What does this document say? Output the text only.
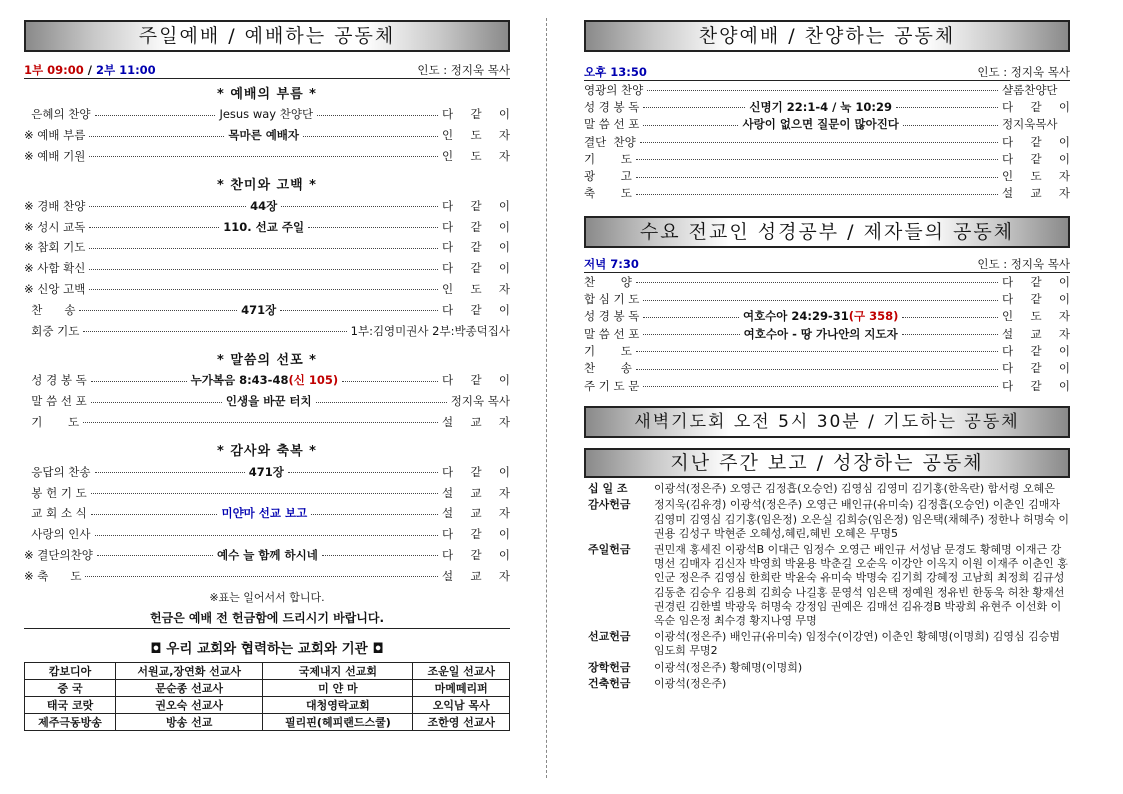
주일예배 / 예배하는 공동체
1부 09:00 / 2부 11:00	인도 : 정지욱 목사
* 예배의 부름 *
은혜의 찬양	Jesus way 찬양단	다 같 이
※ 예배 부름	목마른 예배자	인 도 자
※ 예배 기원	인 도 자
* 찬미와 고백 *
※ 경배 찬양	44장	다 같 이
※ 성시 교독	110. 선교 주일	다 같 이
※ 참회 기도	다 같 이
※ 사함 확신	다 같 이
※ 신앙 고백	인 도 자
찬      송	471장	다 같 이
회중 기도	1부:김영미권사 2부:박종덕집사
* 말씀의 선포 *
성 경 봉 독	누가복음 8:43-48 (신 105)	다 같 이
말 씀 선 포	인생을 바꾼 터치	정지욱 목사
기       도	설 교 자
* 감사와 축복 *
응답의 찬송	471장	다 같 이
봉 헌 기 도	설 교 자
교 회 소 식	미얀마 선교 보고	설 교 자
사랑의 인사	다 같 이
※ 결단의찬양	예수 늘 함께 하시네	다 같 이
※ 축      도	설 교 자
※표는 일어서서 합니다.
헌금은 예배 전 헌금함에 드리시기 바랍니다.
◘ 우리 교회와 협력하는 교회와 기관 ◘
캄보디아	서원교,장연화 선교사	국제내지 선교회	조운일 선교사
중 국	문순종 선교사	미 얀 마	마메떼리퍼
태국 코랏	권오숙 선교사	대청영락교회	오익남 목사
제주극동방송	방송 선교	필리핀(헤피랜드스쿨)	조한영 선교사
찬양예배 / 찬양하는 공동체
오후 13:50	인도 : 정지욱 목사
영광의 찬양	샬롬찬양단
성 경 봉 독	신명기 22:1-4 / 눅 10:29	다 같 이
말 씀 선 포	사랑이 없으면 질문이 많아진다	정지욱목사
결단  찬양	다 같 이
기       도	다 같 이
광       고	인 도 자
축       도	설 교 자
수요 전교인 성경공부 / 제자들의 공동체
저녁 7:30	인도 : 정지욱 목사
찬       양	다 같 이
합 심 기 도	다 같 이
성 경 봉 독	여호수아 24:29-31 (구 358)	인 도 자
말 씀 선 포	여호수아 - 땅 가나안의 지도자	설 교 자
기       도	다 같 이
찬       송	다 같 이
주 기 도 문	다 같 이
새벽기도회 오전 5시 30분 / 기도하는 공동체
지난 주간 보고 / 성장하는 공동체
십 일 조	이광석(정은주) 오영근 김정흡(오승언) 김영심 김영미 김기홍(한옥란) 함서령 오혜은
감사헌금	정지욱(김유경) 이광석(정은주) 오영근 배인규(유미숙) 김정흡(오승언) 이춘인 김매자 김영미 김영심 김기홍(임은정) 오은실 김희승(임은정) 임은택(채혜주) 정한나 허명숙 이권용 김성구 박현준 오혜성,혜린,혜빈 오혜은 무명5
주일헌금	권민재 홍세진 이광석B 이대근 임정수 오영근 배인규 서성남 문경도 황혜명 이재근 강명선 김매자 김신자 박영희 박윤용 박춘길 오순옥 이강안 이옥지 이원 이재주 이춘인 홍인군 정은주 김영심 한희란 박윤숙 유미숙 박명숙 김기희 강혜정 고남희 최정희 김규성 김동춘 김승우 김용희 김희승 나길홍 문영석 임은택 정예원 정유빈 한동욱 허찬 황재선 권경린 김한별 박광욱 허명숙 강정임 권예은 김매선 김유경B 박광희 유현주 이선화 이옥순 임은정 최수경 황지나영 무명
선교헌금	이광석(정은주) 배인규(유미숙) 임정수(이강연) 이춘인 황혜명(이명희) 김영심 김승범 임도희 무명2
장학헌금	이광석(정은주) 황혜명(이명희)
건축헌금	이광석(정은주)
